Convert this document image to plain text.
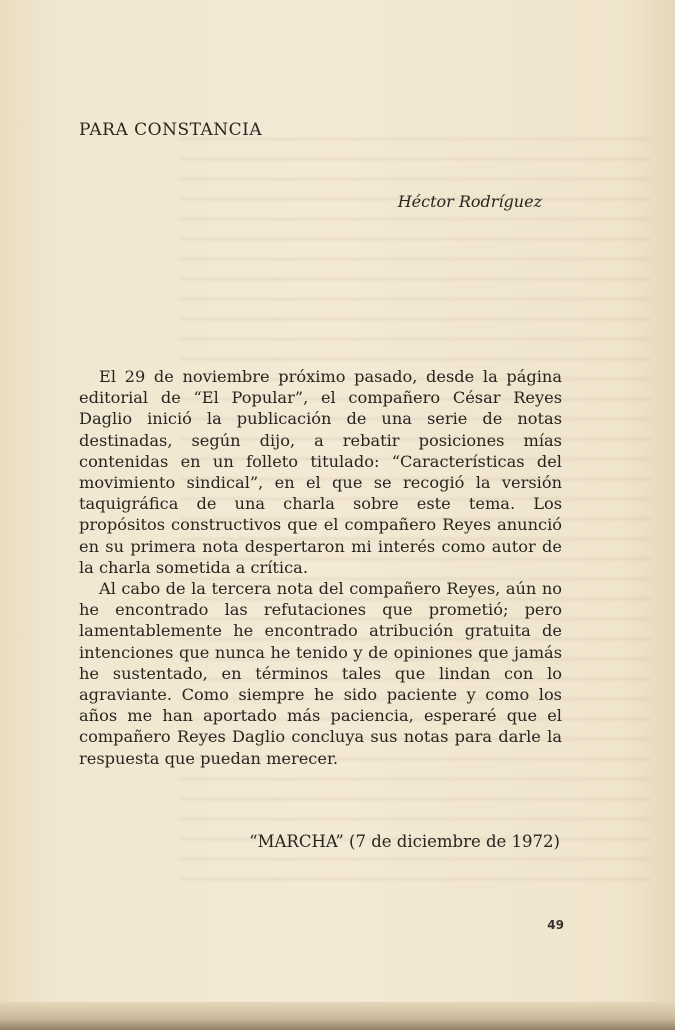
PARA CONSTANCIA

Héctor Rodríguez

El 29 de noviembre próximo pasado, desde la página editorial de “El Popular”, el compañero César Reyes Daglio inició la publicación de una serie de notas destinadas, según dijo, a rebatir posiciones mías contenidas en un folleto titulado: “Características del movimiento sindical”, en el que se recogió la versión taquigráfica de una charla sobre este tema. Los propósitos constructivos que el compañero Reyes anunció en su primera nota despertaron mi interés como autor de la charla sometida a crítica.

Al cabo de la tercera nota del compañero Reyes, aún no he encontrado las refutaciones que prometió; pero lamentablemente he encontrado atribución gratuita de intenciones que nunca he tenido y de opiniones que jamás he sustentado, en términos tales que lindan con lo agraviante. Como siempre he sido paciente y como los años me han aportado más paciencia, esperaré que el compañero Reyes Daglio concluya sus notas para darle la respuesta que puedan merecer.

“MARCHA” (7 de diciembre de 1972)

49
